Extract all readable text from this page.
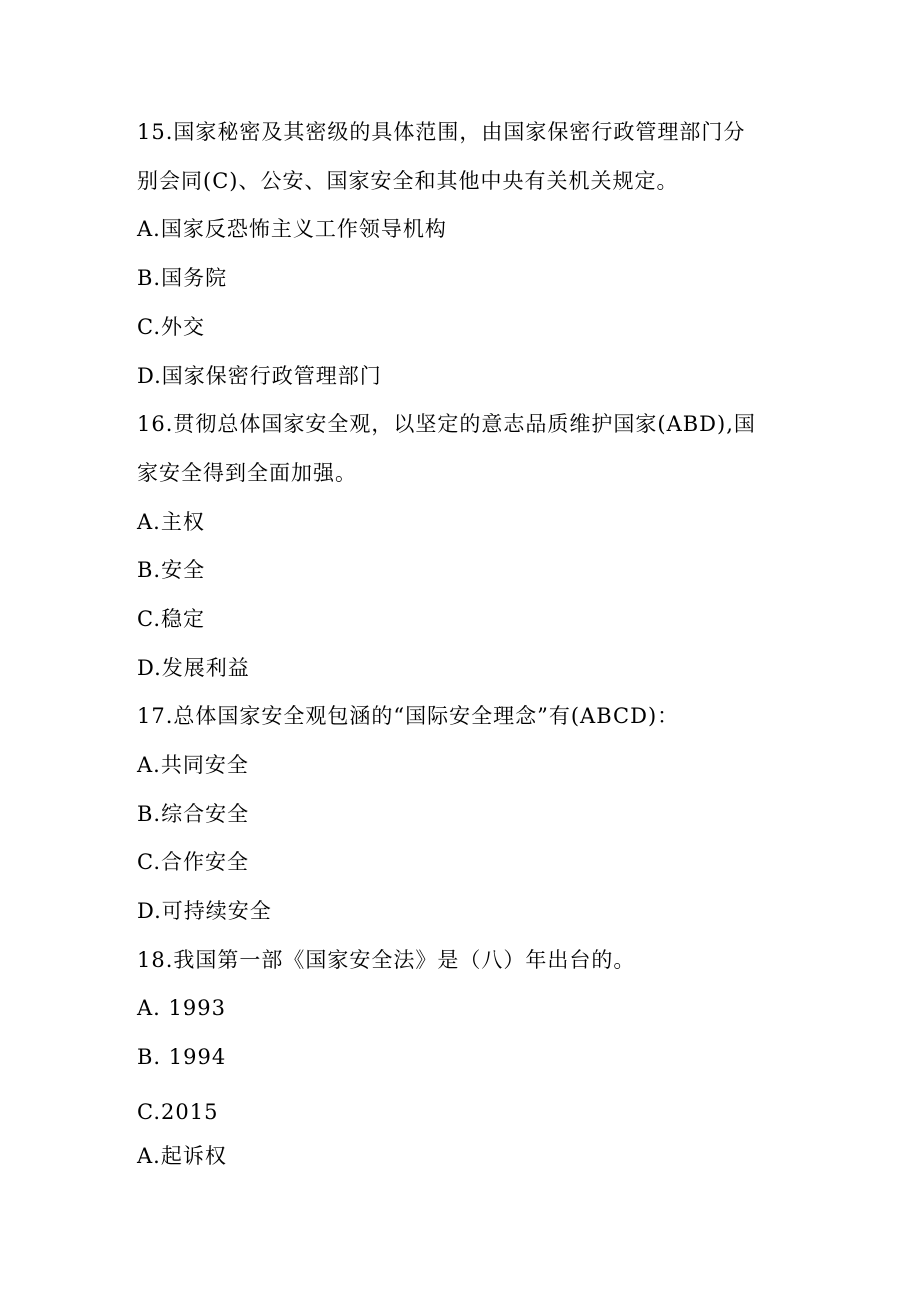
15.国家秘密及其密级的具体范围，由国家保密行政管理部门分
别会同(C)、公安、国家安全和其他中央有关机关规定。
A.国家反恐怖主义工作领导机构
B.国务院
C.外交
D.国家保密行政管理部门
16.贯彻总体国家安全观，以坚定的意志品质维护国家(ABD),国
家安全得到全面加强。
A.主权
B.安全
C.稳定
D.发展利益
17.总体国家安全观包涵的“国际安全理念”有(ABCD)：
A.共同安全
B.综合安全
C.合作安全
D.可持续安全
18.我国第一部《国家安全法》是（八）年出台的。
A. 1993
B. 1994
C.2015
A.起诉权
